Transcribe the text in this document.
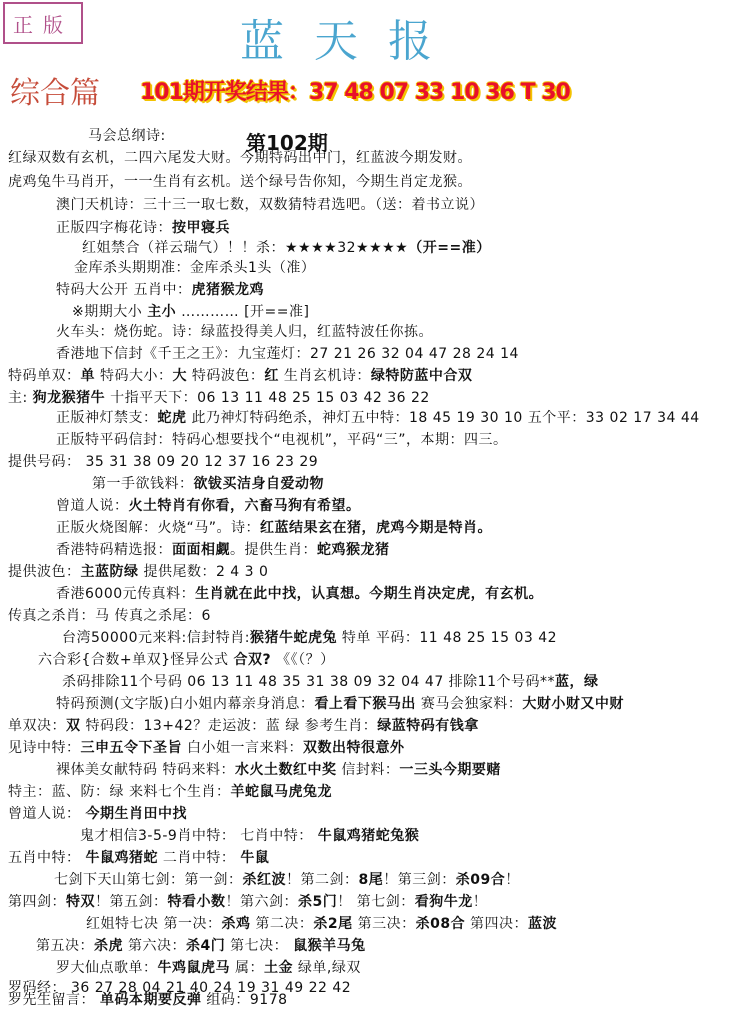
正版	蓝天报
综合篇 101期开奖结果：37 48 07 33 10 36 T 30
第102期
马会总纲诗:
红绿双数有玄机，二四六尾发大财。今期特码出中门，红蓝波今期发财。
虎鸡兔牛马肖开，一一生肖有玄机。送个绿号告你知，今期生肖定龙猴。
澳门天机诗：三十三一取七数，双数猜特君选吧。（送：着书立说）
正版四字梅花诗：按甲寝兵
红姐禁合（祥云瑞气）！！杀：★★★★32★★★★（开==准）
金库杀头期期准：金库杀头1头（准）
特码大公开 五肖中：虎猪猴龙鸡
※期期大小 主小 ………… [开==准]
火车头：烧伤蛇。诗：绿蓝投得美人归，红蓝特波任你拣。
香港地下信封《千王之王》：九宝莲灯：27 21 26 32 04 47 28 24 14
特码单双：单 特码大小：大 特码波色：红 生肖玄机诗：绿特防蓝中合双
主: 狗龙猴猪牛 十指平天下：06 13 11 48 25 15 03 42 36 22
正版神灯禁支：蛇虎 此乃神灯特码绝杀，神灯五中特：18 45 19 30 10 五个平：33 02 17 34 44
正版特平码信封：特码心想要找个“电视机”，平码“三”，本期：四三。
提供号码： 35 31 38 09 20 12 37 16 23 29
第一手欲钱料：欲钹买洁身自爱动物
曾道人说：火土特肖有你看，六畜马狗有希望。
正版火烧图解：火烧“马”。诗：红蓝结果玄在猪，虎鸡今期是特肖。
香港特码精选报：面面相觑。提供生肖：蛇鸡猴龙猪
提供波色：主蓝防绿 提供尾数：2 4 3 0
香港6000元传真料：生肖就在此中找，认真想。今期生肖决定虎，有玄机。
传真之杀肖：马 传真之杀尾：6
台湾50000元来料:信封特肖:猴猪牛蛇虎兔 特单 平码：11 48 25 15 03 42
六合彩{合数+单双}怪异公式 合双? 《《（？）
杀码排除11个号码 06 13 11 48 35 31 38 09 32 04 47 排除11个号码**蓝，绿
特码预测(文字版)白小姐内幕亲身消息：看上看下猴马出 赛马会独家料：大财小财又中财
单双决：双 特码段：13+42？走运波：蓝 绿 参考生肖：绿蓝特码有钱拿
见诗中特：三申五令下圣旨 白小姐一言来料：双数出特很意外
裸体美女献特码 特码来料：水火土数红中奖 信封料：一三头今期要赌
特主：蓝、防：绿 来料七个生肖：羊蛇鼠马虎兔龙
曾道人说： 今期生肖田中找
鬼才相信3-5-9肖中特： 七肖中特： 牛鼠鸡猪蛇兔猴
五肖中特： 牛鼠鸡猪蛇 二肖中特： 牛鼠
七剑下天山第七剑：第一剑：杀红波！第二剑：8尾！第三剑：杀09合！
第四剑：特双！第五剑：特看小数！第六剑：杀5门！ 第七剑：看狗牛龙！
红姐特七决 第一决：杀鸡 第二决：杀2尾 第三决：杀08合 第四决：蓝波
第五决：杀虎 第六决：杀4门 第七决： 鼠猴羊马兔
罗大仙点歌单：牛鸡鼠虎马 属：土金 绿单,绿双
罗码经： 36 27 28 04 21 40 24 19 31 49 22 42
罗先生留言： 单码本期要反弹 组码：9178
